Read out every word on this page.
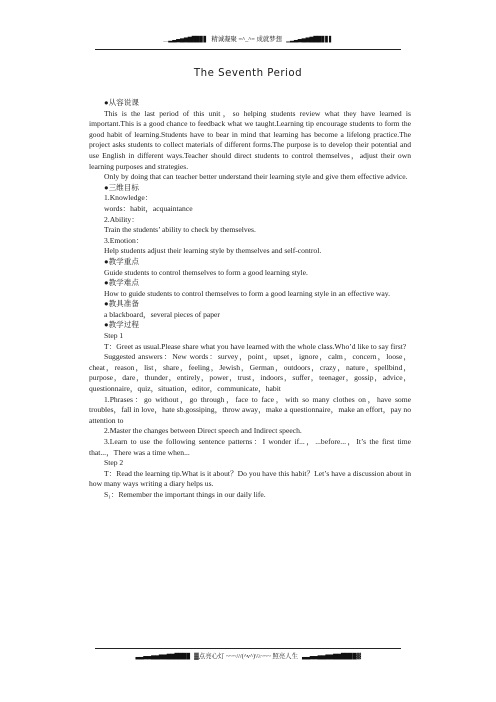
＿▂▃▄▅▆▇█▉▊▋ 精诚凝聚 =^_^= 成就梦想 ▁▂▃▄▅▆▇█▉▊▋▌
The Seventh Period

●从容说课

This is the last period of this unit，so helping students review what they have learned is important.This is a good chance to feedback what we taught.Learning tip encourage students to form the good habit of learning.Students have to bear in mind that learning has become a lifelong practice.The project asks students to collect materials of different forms.The purpose is to develop their potential and use English in different ways.Teacher should direct students to control themselves，adjust their own learning purposes and strategies.

Only by doing that can teacher better understand their learning style and give them effective advice.

●三维目标

1.Knowledge：

words：habit，acquaintance

2.Ability：

Train the students’ ability to check by themselves.

3.Emotion：

Help students adjust their learning style by themselves and self-control.

●教学重点

Guide students to control themselves to form a good learning style.

●教学难点

How to guide students to control themselves to form a good learning style in an effective way.

●教具准备

a blackboard，several pieces of paper

●教学过程

Step 1

T：Greet as usual.Please share what you have learned with the whole class.Who’d like to say first?

Suggested answers：New words：survey，point，upset，ignore，calm，concern，loose，cheat，reason，list，share，feeling，Jewish，German，outdoors，crazy，nature，spellbind，purpose，dare，thunder，entirely，power，trust，indoors，suffer，teenager，gossip，advice，questionnaire，quiz，situation，editor，communicate，habit

1.Phrases：go without，go through，face to face，with so many clothes on，have some troubles，fall in love，hate sb.gossiping，throw away，make a questionnaire，make an effort，pay no attention to

2.Master the changes between Direct speech and Indirect speech.

3.Learn to use the following sentence patterns：I wonder if...，...before...，It’s the first time that...，There was a time when...

Step 2

T：Read the learning tip.What is it about？Do you have this habit？Let’s have a discussion about in how many ways writing a diary helps us.

S₁：Remember the important things in our daily life.

▃▃▄▄▅▅▆▆▇▇██▉▉ ▓点亮心灯 ~~~///(^v^)\\\~~~ 照亮人生 ▃▃▄▄▅▅▆▆▇▇██▉▉▓
